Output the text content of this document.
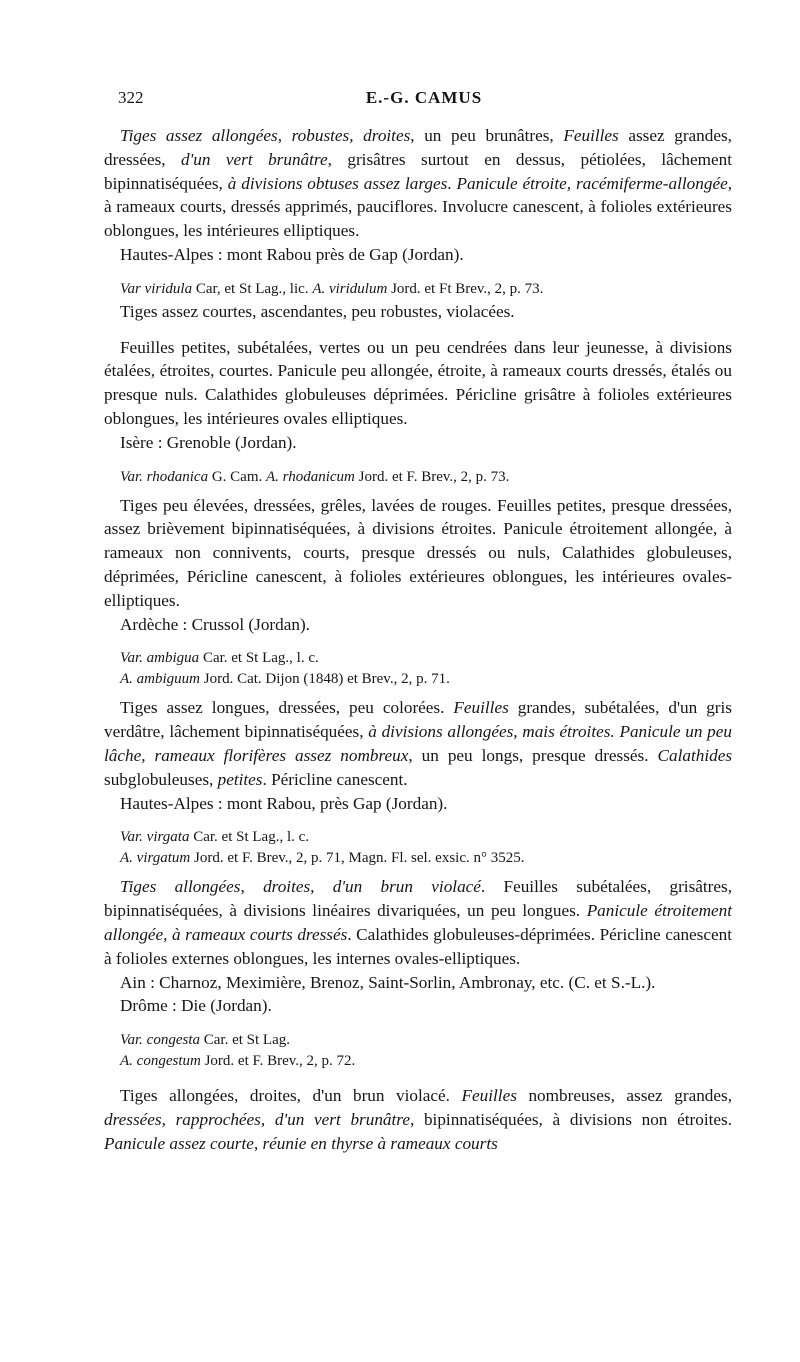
322	E.-G. CAMUS
Tiges assez allongées, robustes, droites, un peu brunâtres, Feuilles assez grandes, dressées, d'un vert brunâtre, grisâtres surtout en dessus, pétiolées, lâchement bipinnatiséquées, à divisions obtuses assez larges. Panicule étroite, racémiferme-allongée, à rameaux courts, dressés apprimés, pauciflores. Involucre canescent, à folioles extérieures oblongues, les intérieures elliptiques.
Hautes-Alpes : mont Rabou près de Gap (Jordan).
Var viridula Car, et St Lag., lic. A. viridulum Jord. et Ft Brev., 2, p. 73.
Tiges assez courtes, ascendantes, peu robustes, violacées.
Feuilles petites, subétalées, vertes ou un peu cendrées dans leur jeunesse, à divisions étalées, étroites, courtes. Panicule peu allongée, étroite, à rameaux courts dressés, étalés ou presque nuls. Calathides globuleuses déprimées. Péricline grisâtre à folioles extérieures oblongues, les intérieures ovales elliptiques.
Isère : Grenoble (Jordan).
Var. rhodanica G. Cam. A. rhodanicum Jord. et F. Brev., 2, p. 73.
Tiges peu élevées, dressées, grêles, lavées de rouges. Feuilles petites, presque dressées, assez brièvement bipinnatiséquées, à divisions étroites. Panicule étroitement allongée, à rameaux non connivents, courts, presque dressés ou nuls, Calathides globuleuses, déprimées, Péricline canescent, à folioles extérieures oblongues, les intérieures ovales-elliptiques.
Ardèche : Crussol (Jordan).
Var. ambigua Car. et St Lag., l. c.
A. ambiguum Jord. Cat. Dijon (1848) et Brev., 2, p. 71.
Tiges assez longues, dressées, peu colorées. Feuilles grandes, subétalées, d'un gris verdâtre, lâchement bipinnatiséquées, à divisions allongées, mais étroites. Panicule un peu lâche, rameaux florifères assez nombreux, un peu longs, presque dressés. Calathides subglobuleuses, petites. Péricline canescent.
Hautes-Alpes : mont Rabou, près Gap (Jordan).
Var. virgata Car. et St Lag., l. c.
A. virgatum Jord. et F. Brev., 2, p. 71, Magn. Fl. sel. exsic. n° 3525.
Tiges allongées, droites, d'un brun violacé. Feuilles subétalées, grisâtres, bipinnatiséquées, à divisions linéaires divariquées, un peu longues. Panicule étroitement allongée, à rameaux courts dressés. Calathides globuleuses-déprimées. Péricline canescent à folioles externes oblongues, les internes ovales-elliptiques.
Ain : Charnoz, Meximière, Brenoz, Saint-Sorlin, Ambronay, etc. (C. et S.-L.).
Drôme : Die (Jordan).
Var. congesta Car. et St Lag.
A. congestum Jord. et F. Brev., 2, p. 72.
Tiges allongées, droites, d'un brun violacé. Feuilles nombreuses, assez grandes, dressées, rapprochées, d'un vert brunâtre, bipinnatiséquées, à divisions non étroites. Panicule assez courte, réunie en thyrse à rameaux courts
